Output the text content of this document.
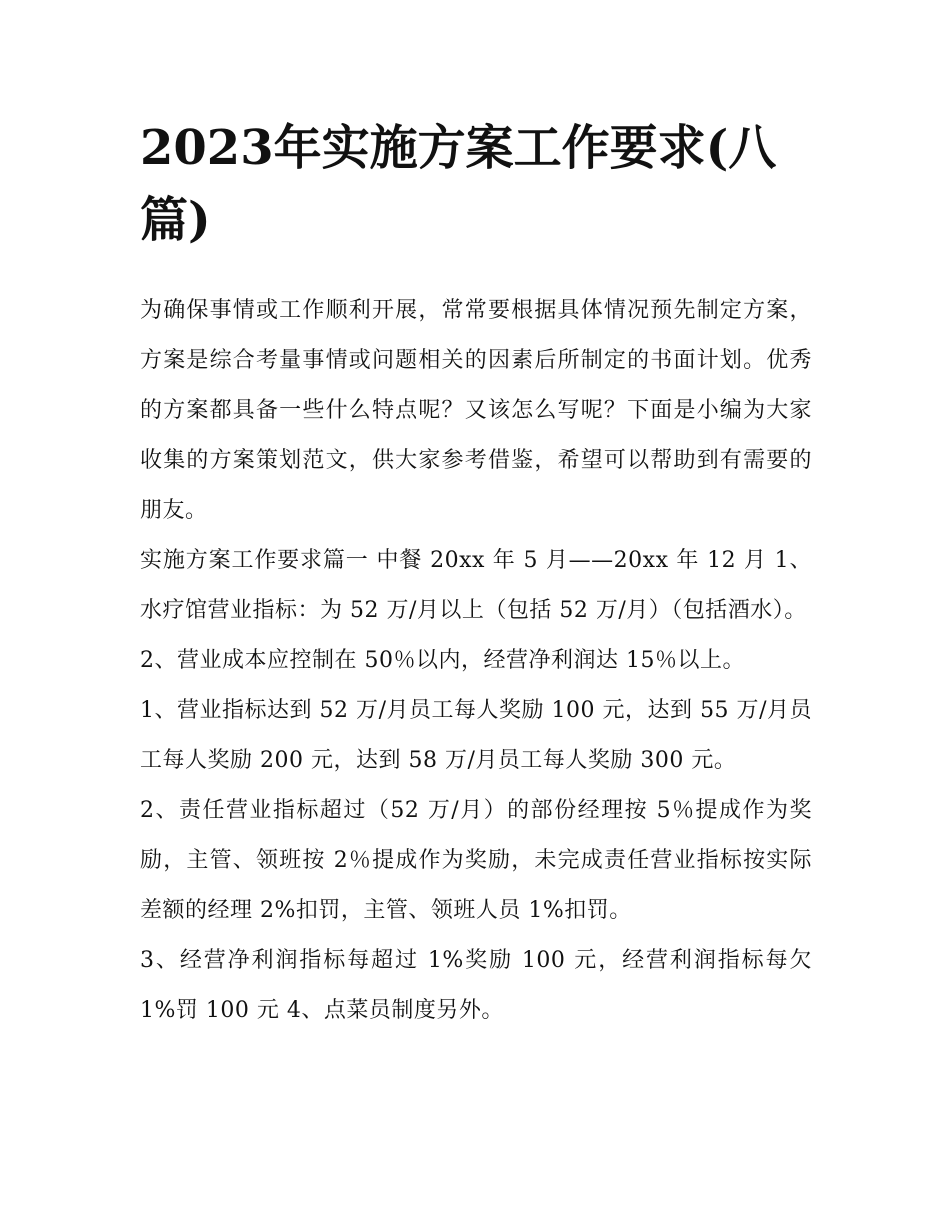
2023年实施方案工作要求(八篇)

为确保事情或工作顺利开展，常常要根据具体情况预先制定方案，方案是综合考量事情或问题相关的因素后所制定的书面计划。优秀的方案都具备一些什么特点呢？又该怎么写呢？下面是小编为大家收集的方案策划范文，供大家参考借鉴，希望可以帮助到有需要的朋友。

实施方案工作要求篇一 中餐 20xx 年 5 月——20xx 年 12 月 1、水疗馆营业指标：为 52 万/月以上（包括 52 万/月）（包括酒水）。

2、营业成本应控制在 50％以内，经营净利润达 15％以上。

1、营业指标达到 52 万/月员工每人奖励 100 元，达到 55 万/月员工每人奖励 200 元，达到 58 万/月员工每人奖励 300 元。

2、责任营业指标超过（52 万/月）的部份经理按 5％提成作为奖励，主管、领班按 2％提成作为奖励，未完成责任营业指标按实际差额的经理 2%扣罚，主管、领班人员 1%扣罚。

3、经营净利润指标每超过 1%奖励 100 元，经营利润指标每欠 1%罚 100 元 4、点菜员制度另外。
